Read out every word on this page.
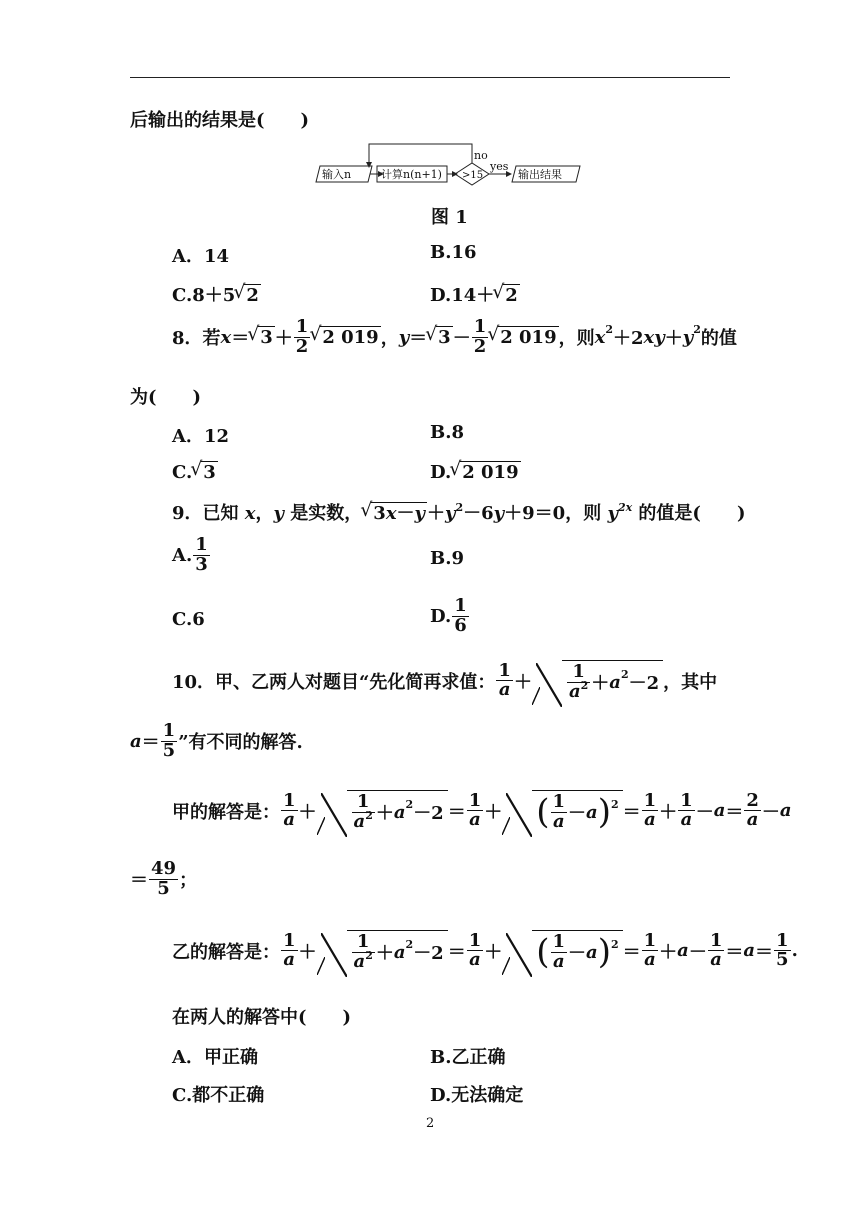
后输出的结果是(　　)
输入n	计算n(n+1) >15
no
yes
输出结果
图 1
A．14	B.16
C.8＋5 √ 2	D.14＋ √ 2
8．若 x ＝ √ $3 + \frac{1}{2}$ √ 2 019 ， y ＝ √ $3 - \frac{1}{2}$ √ 2 019 ，则 $x^2 +2$ xy ＋ $y^2$ 的值
为(　　)
A．12	B.8
C. √ 3	D. √ 2 019
9．已知 x，y 是实数， √ $3x-y +y^2-6y+9=0$，则 $y^{2x}$ 的值是(　　)
A. $\frac{1}{3}$	B.9
C.6	D. $\frac{1}{6}$
10．甲、乙两人对题目“先化简再求值： $\frac{1}{a} + \frac{1}{a^2} + a^2 -2$ ，其中
$a = \frac{1}{5}$ ”有不同的解答.
甲的解答是： $\frac{1}{a} + \frac{1}{a^2} + a^2 -2 = \frac{1}{a}$ ＋ ( $\frac{1}{a} - a$ )$^2 = \frac{1}{a} + \frac{1}{a} - a = \frac{2}{a} - a$
＝ $\frac{49}{5}$ ；
乙的解答是： $\frac{1}{a} + \frac{1}{a^2} + a^2 -2 = \frac{1}{a}$ ＋ ( $\frac{1}{a} - a$ )$^2 = \frac{1}{a} + a - \frac{1}{a} = a = \frac{1}{5}$ .
在两人的解答中(　　)
A．甲正确	B.乙正确
C.都不正确	D.无法确定
2
